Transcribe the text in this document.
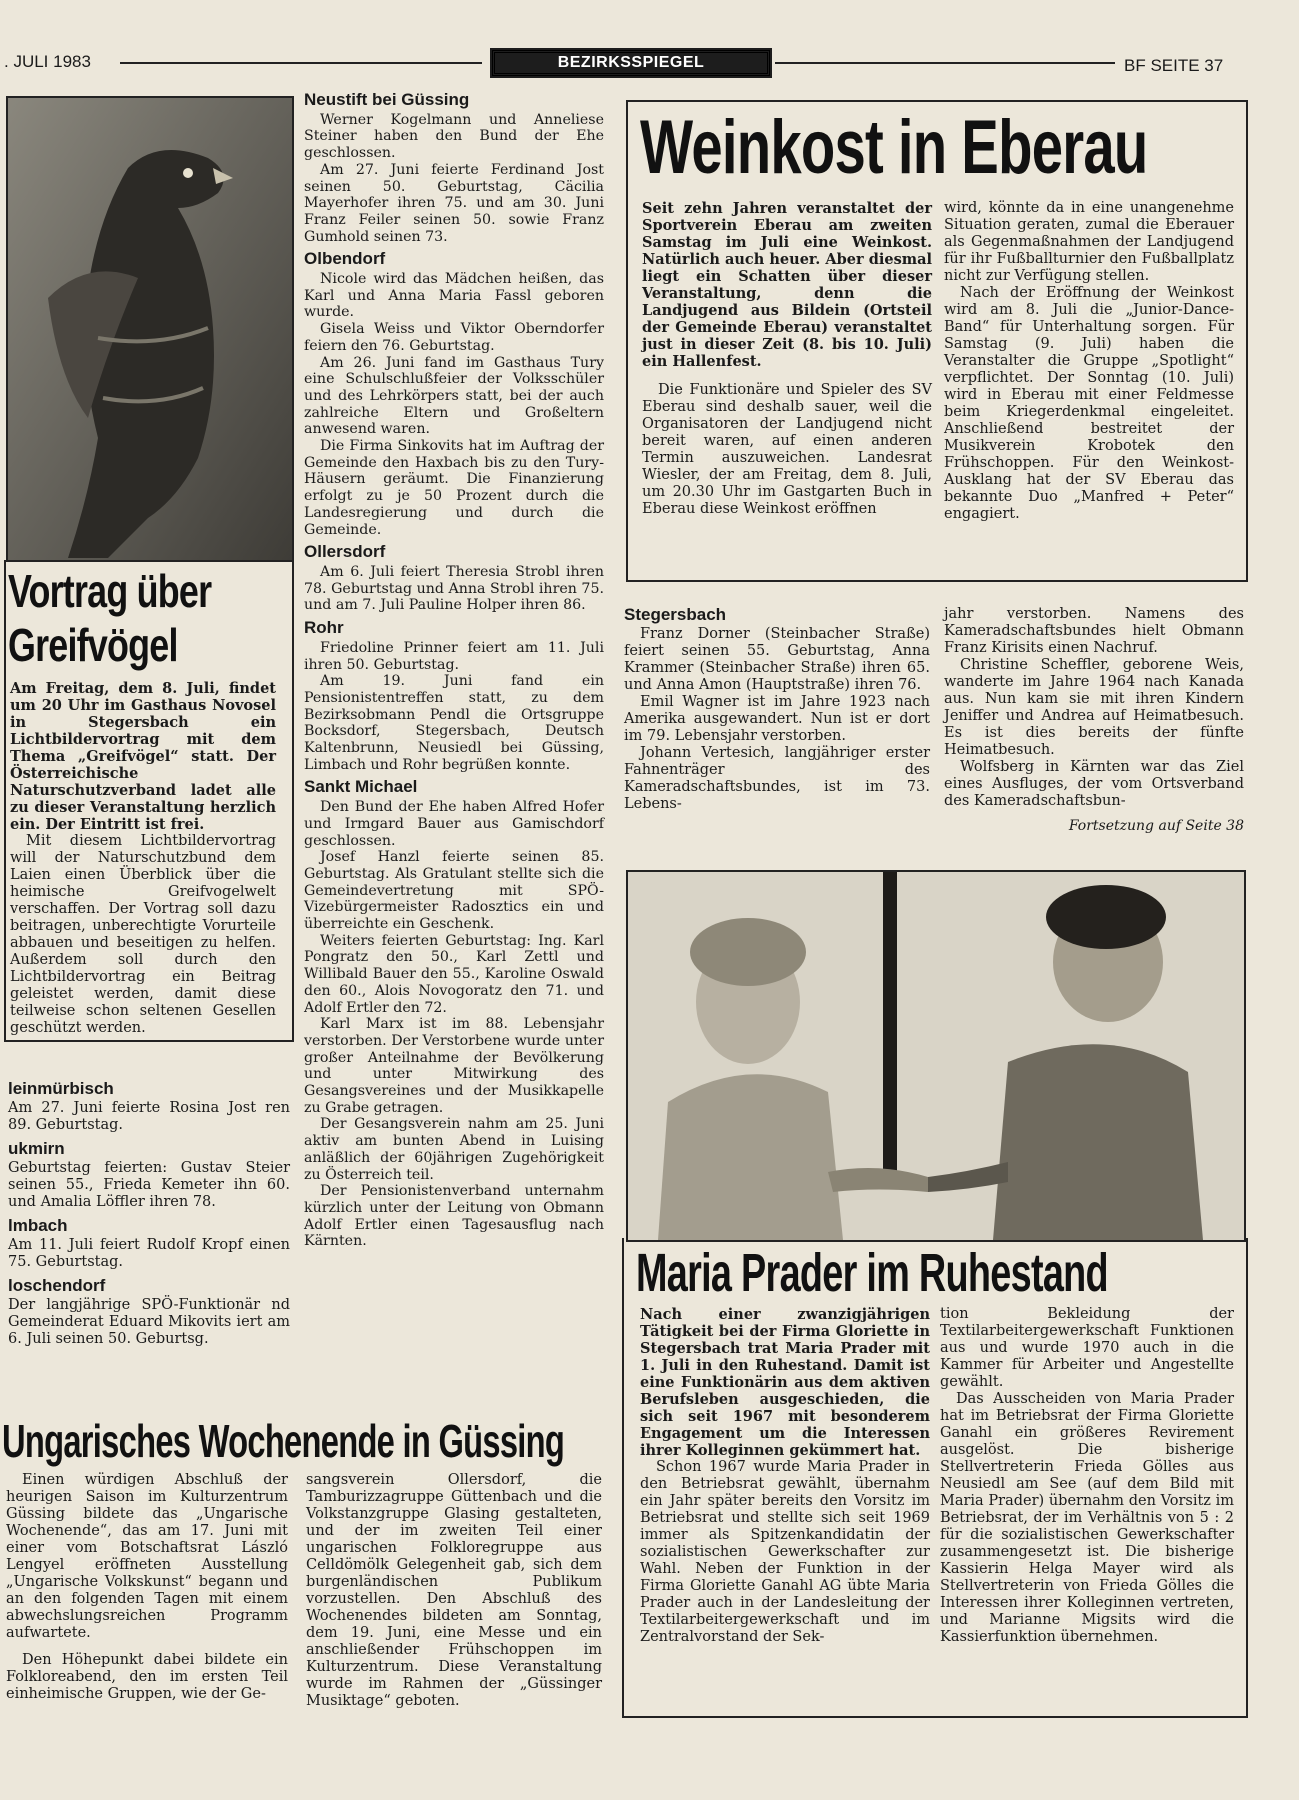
. JULI 1983	BEZIRKSSPIEGEL	BF SEITE 37
Vortrag über
Greifvögel

Am Freitag, dem 8. Juli, findet um 20 Uhr im Gasthaus Novosel in Stegersbach ein Lichtbildervortrag mit dem Thema „Greifvögel“ statt. Der Österreichische Naturschutzverband ladet alle zu dieser Veranstaltung herzlich ein. Der Eintritt ist frei.

Mit diesem Lichtbildervortrag will der Naturschutzbund dem Laien einen Überblick über die heimische Greifvogelwelt verschaffen. Der Vortrag soll dazu beitragen, unberechtigte Vorurteile abbauen und beseitigen zu helfen. Außerdem soll durch den Lichtbildervortrag ein Beitrag geleistet werden, damit diese teilweise schon seltenen Gesellen geschützt werden.

leinmürbisch

Am 27. Juni feierte Rosina Jost ren 89. Geburtstag.

ukmirn

Geburtstag feierten: Gustav Steier seinen 55., Frieda Kemeter ihn 60. und Amalia Löffler ihren 78.

lmbach

Am 11. Juli feiert Rudolf Kropf einen 75. Geburtstag.

loschendorf

Der langjährige SPÖ-Funktionär nd Gemeinderat Eduard Mikovits iert am 6. Juli seinen 50. Geburtsg.

Neustift bei Güssing

Werner Kogelmann und Anneliese Steiner haben den Bund der Ehe geschlossen.

Am 27. Juni feierte Ferdinand Jost seinen 50. Geburtstag, Cäcilia Mayerhofer ihren 75. und am 30. Juni Franz Feiler seinen 50. sowie Franz Gumhold seinen 73.

Olbendorf

Nicole wird das Mädchen heißen, das Karl und Anna Maria Fassl geboren wurde.

Gisela Weiss und Viktor Oberndorfer feiern den 76. Geburtstag.

Am 26. Juni fand im Gasthaus Tury eine Schulschlußfeier der Volksschüler und des Lehrkörpers statt, bei der auch zahlreiche Eltern und Großeltern anwesend waren.

Die Firma Sinkovits hat im Auftrag der Gemeinde den Haxbach bis zu den Tury-Häusern geräumt. Die Finanzierung erfolgt zu je 50 Prozent durch die Landesregierung und durch die Gemeinde.

Ollersdorf

Am 6. Juli feiert Theresia Strobl ihren 78. Geburtstag und Anna Strobl ihren 75. und am 7. Juli Pauline Holper ihren 86.

Rohr

Friedoline Prinner feiert am 11. Juli ihren 50. Geburtstag.

Am 19. Juni fand ein Pensionistentreffen statt, zu dem Bezirksobmann Pendl die Ortsgruppe Bocksdorf, Stegersbach, Deutsch Kaltenbrunn, Neusiedl bei Güssing, Limbach und Rohr begrüßen konnte.

Sankt Michael

Den Bund der Ehe haben Alfred Hofer und Irmgard Bauer aus Gamischdorf geschlossen.

Josef Hanzl feierte seinen 85. Geburtstag. Als Gratulant stellte sich die Gemeindevertretung mit SPÖ-Vizebürgermeister Radosztics ein und überreichte ein Geschenk.

Weiters feierten Geburtstag: Ing. Karl Pongratz den 50., Karl Zettl und Willibald Bauer den 55., Karoline Oswald den 60., Alois Novogoratz den 71. und Adolf Ertler den 72.

Karl Marx ist im 88. Lebensjahr verstorben. Der Verstorbene wurde unter großer Anteilnahme der Bevölkerung und unter Mitwirkung des Gesangsvereines und der Musikkapelle zu Grabe getragen.

Der Gesangsverein nahm am 25. Juni aktiv am bunten Abend in Luising anläßlich der 60jährigen Zugehörigkeit zu Österreich teil.

Der Pensionistenverband unternahm kürzlich unter der Leitung von Obmann Adolf Ertler einen Tagesausflug nach Kärnten.

Weinkost in Eberau

Seit zehn Jahren veranstaltet der Sportverein Eberau am zweiten Samstag im Juli eine Weinkost. Natürlich auch heuer. Aber diesmal liegt ein Schatten über dieser Veranstaltung, denn die Landjugend aus Bildein (Ortsteil der Gemeinde Eberau) veranstaltet just in dieser Zeit (8. bis 10. Juli) ein Hallenfest.

Die Funktionäre und Spieler des SV Eberau sind deshalb sauer, weil die Organisatoren der Landjugend nicht bereit waren, auf einen anderen Termin auszuweichen. Landesrat Wiesler, der am Freitag, dem 8. Juli, um 20.30 Uhr im Gastgarten Buch in Eberau diese Weinkost eröffnen

wird, könnte da in eine unangenehme Situation geraten, zumal die Eberauer als Gegenmaßnahmen der Landjugend für ihr Fußballturnier den Fußballplatz nicht zur Verfügung stellen.

Nach der Eröffnung der Weinkost wird am 8. Juli die „Junior-Dance-Band“ für Unterhaltung sorgen. Für Samstag (9. Juli) haben die Veranstalter die Gruppe „Spotlight“ verpflichtet. Der Sonntag (10. Juli) wird in Eberau mit einer Feldmesse beim Kriegerdenkmal eingeleitet. Anschließend bestreitet der Musikverein Krobotek den Frühschoppen. Für den Weinkost-Ausklang hat der SV Eberau das bekannte Duo „Manfred + Peter“ engagiert.

Stegersbach

Franz Dorner (Steinbacher Straße) feiert seinen 55. Geburtstag, Anna Krammer (Steinbacher Straße) ihren 65. und Anna Amon (Hauptstraße) ihren 76.

Emil Wagner ist im Jahre 1923 nach Amerika ausgewandert. Nun ist er dort im 79. Lebensjahr verstorben.

Johann Vertesich, langjähriger erster Fahnenträger des Kameradschaftsbundes, ist im 73. Lebens-

jahr verstorben. Namens des Kameradschaftsbundes hielt Obmann Franz Kirisits einen Nachruf.

Christine Scheffler, geborene Weis, wanderte im Jahre 1964 nach Kanada aus. Nun kam sie mit ihren Kindern Jeniffer und Andrea auf Heimatbesuch. Es ist dies bereits der fünfte Heimatbesuch.

Wolfsberg in Kärnten war das Ziel eines Ausfluges, der vom Ortsverband des Kameradschaftsbun-

Fortsetzung auf Seite 38

Maria Prader im Ruhestand

Nach einer zwanzigjährigen Tätigkeit bei der Firma Gloriette in Stegersbach trat Maria Prader mit 1. Juli in den Ruhestand. Damit ist eine Funktionärin aus dem aktiven Berufsleben ausgeschieden, die sich seit 1967 mit besonderem Engagement um die Interessen ihrer Kolleginnen gekümmert hat.

Schon 1967 wurde Maria Prader in den Betriebsrat gewählt, übernahm ein Jahr später bereits den Vorsitz im Betriebsrat und stellte sich seit 1969 immer als Spitzenkandidatin der sozialistischen Gewerkschafter zur Wahl. Neben der Funktion in der Firma Gloriette Ganahl AG übte Maria Prader auch in der Landesleitung der Textilarbeitergewerkschaft und im Zentralvorstand der Sek-

tion Bekleidung der Textilarbeitergewerkschaft Funktionen aus und wurde 1970 auch in die Kammer für Arbeiter und Angestellte gewählt.

Das Ausscheiden von Maria Prader hat im Betriebsrat der Firma Gloriette Ganahl ein größeres Revirement ausgelöst. Die bisherige Stellvertreterin Frieda Gölles aus Neusiedl am See (auf dem Bild mit Maria Prader) übernahm den Vorsitz im Betriebsrat, der im Verhältnis von 5 : 2 für die sozialistischen Gewerkschafter zusammengesetzt ist. Die bisherige Kassierin Helga Mayer wird als Stellvertreterin von Frieda Gölles die Interessen ihrer Kolleginnen vertreten, und Marianne Migsits wird die Kassierfunktion übernehmen.

Ungarisches Wochenende in Güssing

Einen würdigen Abschluß der heurigen Saison im Kulturzentrum Güssing bildete das „Ungarische Wochenende“, das am 17. Juni mit einer vom Botschaftsrat László Lengyel eröffneten Ausstellung „Ungarische Volkskunst“ begann und an den folgenden Tagen mit einem abwechslungsreichen Programm aufwartete.

Den Höhepunkt dabei bildete ein Folkloreabend, den im ersten Teil einheimische Gruppen, wie der Ge-

sangsverein Ollersdorf, die Tamburizzagruppe Güttenbach und die Volkstanzgruppe Glasing gestalteten, und der im zweiten Teil einer ungarischen Folkloregruppe aus Celldömölk Gelegenheit gab, sich dem burgenländischen Publikum vorzustellen. Den Abschluß des Wochenendes bildeten am Sonntag, dem 19. Juni, eine Messe und ein anschließender Frühschoppen im Kulturzentrum. Diese Veranstaltung wurde im Rahmen der „Güssinger Musiktage“ geboten.
